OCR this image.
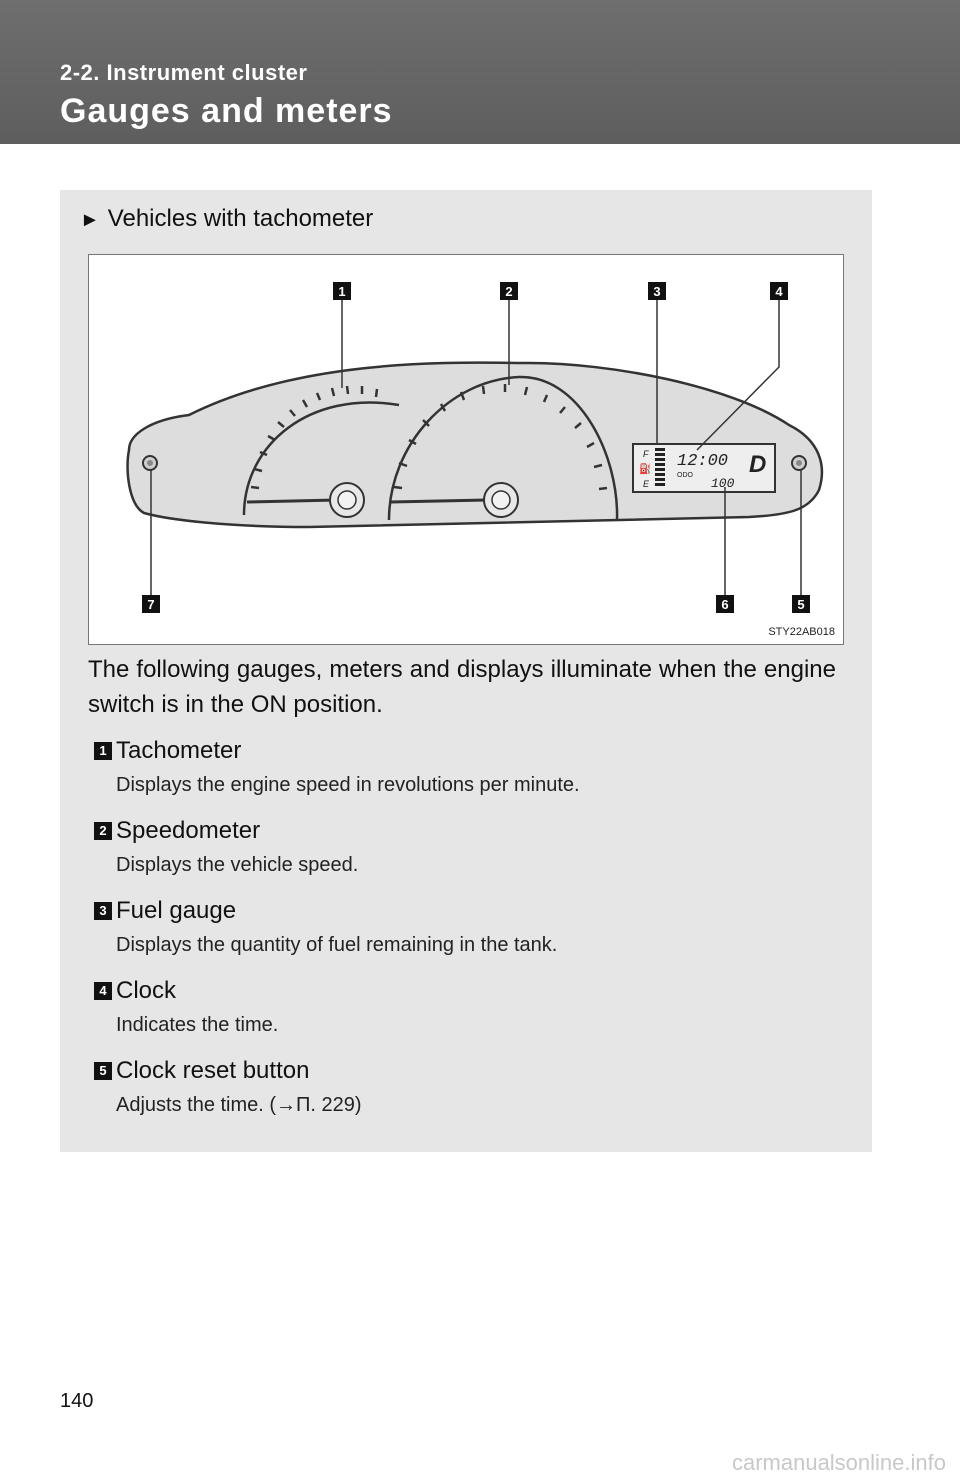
2-2. Instrument cluster
Gauges and meters
► Vehicles with tachometer
F
E
⛽ 12:00
ODO
100
D
1	2	3	4
5
6
7
STY22AB018
The following gauges, meters and displays illuminate when the engine switch is in the ON position.
1 Tachometer
Displays the engine speed in revolutions per minute.
2 Speedometer
Displays the vehicle speed.
3 Fuel gauge
Displays the quantity of fuel remaining in the tank.
4 Clock
Indicates the time.
5 Clock reset button
Adjusts the time. (→П. 229)
140
carmanualsonline.info
